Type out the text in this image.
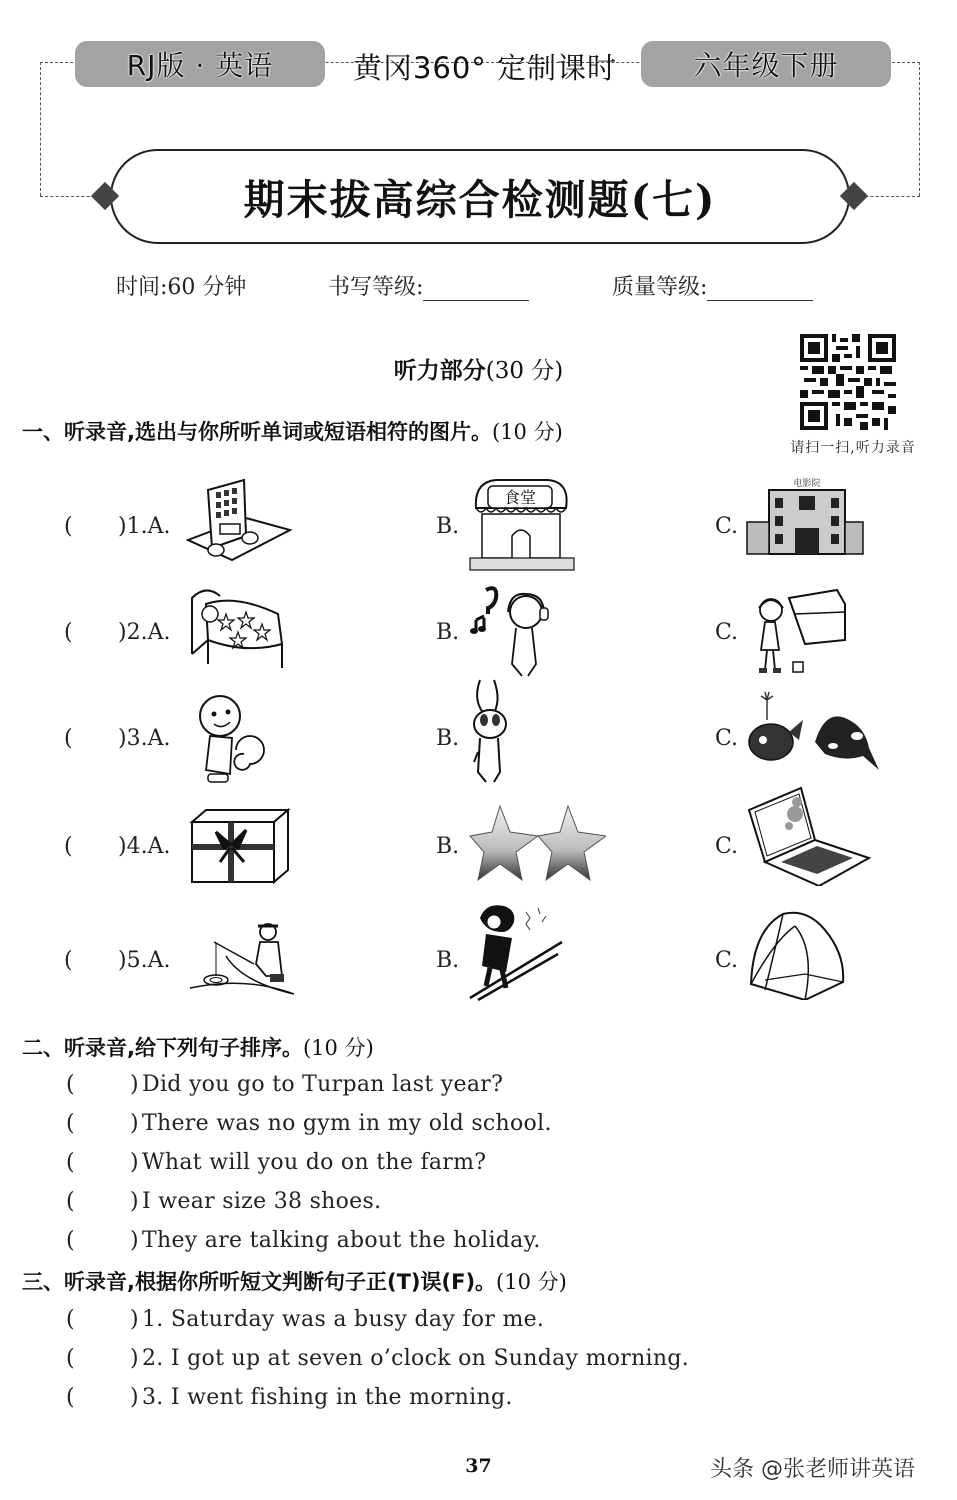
RJ版 · 英语	黄冈360° 定制课时	六年级下册
期末拔高综合检测题(七)
时间:60 分钟	书写等级:	质量等级:
听力部分(30 分)
请扫一扫,听力录音
一、听录音,选出与你所听单词或短语相符的图片。(10 分)
( )1.A.	B.
食堂
C.
电影院
( )2.A.	B.	C.
( )3.A.	B.	C.
( )4.A.	B.	C.
( )5.A.	B.	C.
二、听录音,给下列句子排序。(10 分)
(	) Did you go to Turpan last year?
(	) There was no gym in my old school.
(	) What will you do on the farm?
(	) I wear size 38 shoes.
(	) They are talking about the holiday.
三、听录音,根据你所听短文判断句子正(T)误(F)。(10 分)
(	) 1. Saturday was a busy day for me.
(	) 2. I got up at seven o’clock on Sunday morning.
(	) 3. I went fishing in the morning.
37	头条 @张老师讲英语
